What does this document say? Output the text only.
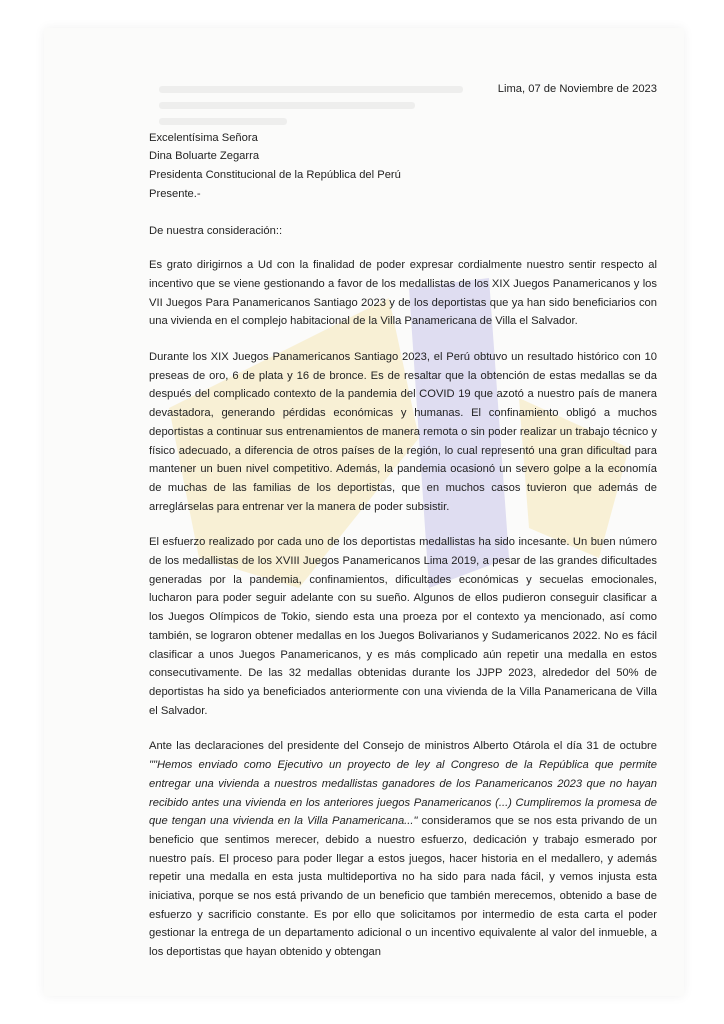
Lima, 07 de Noviembre de 2023
Excelentísima Señora
Dina Boluarte Zegarra
Presidenta Constitucional de la República del Perú
Presente.-
De nuestra consideración::

Es grato dirigirnos a Ud con la finalidad de poder expresar cordialmente nuestro sentir respecto al incentivo que se viene gestionando a favor de los medallistas de los XIX Juegos Panamericanos y los VII Juegos Para Panamericanos Santiago 2023 y de los deportistas que ya han sido beneficiarios con una vivienda en el complejo habitacional de la Villa Panamericana de Villa el Salvador.

Durante los XIX Juegos Panamericanos Santiago 2023, el Perú obtuvo un resultado histórico con 10 preseas de oro, 6 de plata y 16 de bronce. Es de resaltar que la obtención de estas medallas se da después del complicado contexto de la pandemia del COVID 19 que azotó a nuestro país de manera devastadora, generando pérdidas económicas y humanas. El confinamiento obligó a muchos deportistas a continuar sus entrenamientos de manera remota o sin poder realizar un trabajo técnico y físico adecuado, a diferencia de otros países de la región, lo cual representó una gran dificultad para mantener un buen nivel competitivo. Además, la pandemia ocasionó un severo golpe a la economía de muchas de las familias de los deportistas, que en muchos casos tuvieron que además de arreglárselas para entrenar ver la manera de poder subsistir.

El esfuerzo realizado por cada uno de los deportistas medallistas ha sido incesante. Un buen número de los medallistas de los XVIII Juegos Panamericanos Lima 2019, a pesar de las grandes dificultades generadas por la pandemia, confinamientos, dificultades económicas y secuelas emocionales, lucharon para poder seguir adelante con su sueño. Algunos de ellos pudieron conseguir clasificar a los Juegos Olímpicos de Tokio, siendo esta una proeza por el contexto ya mencionado, así como también, se lograron obtener medallas en los Juegos Bolivarianos y Sudamericanos 2022. No es fácil clasificar a unos Juegos Panamericanos, y es más complicado aún repetir una medalla en estos consecutivamente. De las 32 medallas obtenidas durante los JJPP 2023, alrededor del 50% de deportistas ha sido ya beneficiados anteriormente con una vivienda de la Villa Panamericana de Villa el Salvador.

Ante las declaraciones del presidente del Consejo de ministros Alberto Otárola el día 31 de octubre ""Hemos enviado como Ejecutivo un proyecto de ley al Congreso de la República que permite entregar una vivienda a nuestros medallistas ganadores de los Panamericanos 2023 que no hayan recibido antes una vivienda en los anteriores juegos Panamericanos (...) Cumpliremos la promesa de que tengan una vivienda en la Villa Panamericana..." consideramos que se nos esta privando de un beneficio que sentimos merecer, debido a nuestro esfuerzo, dedicación y trabajo esmerado por nuestro país. El proceso para poder llegar a estos juegos, hacer historia en el medallero, y además repetir una medalla en esta justa multideportiva no ha sido para nada fácil, y vemos injusta esta iniciativa, porque se nos está privando de un beneficio que también merecemos, obtenido a base de esfuerzo y sacrificio constante. Es por ello que solicitamos por intermedio de esta carta el poder gestionar la entrega de un departamento adicional o un incentivo equivalente al valor del inmueble, a los deportistas que hayan obtenido y obtengan
